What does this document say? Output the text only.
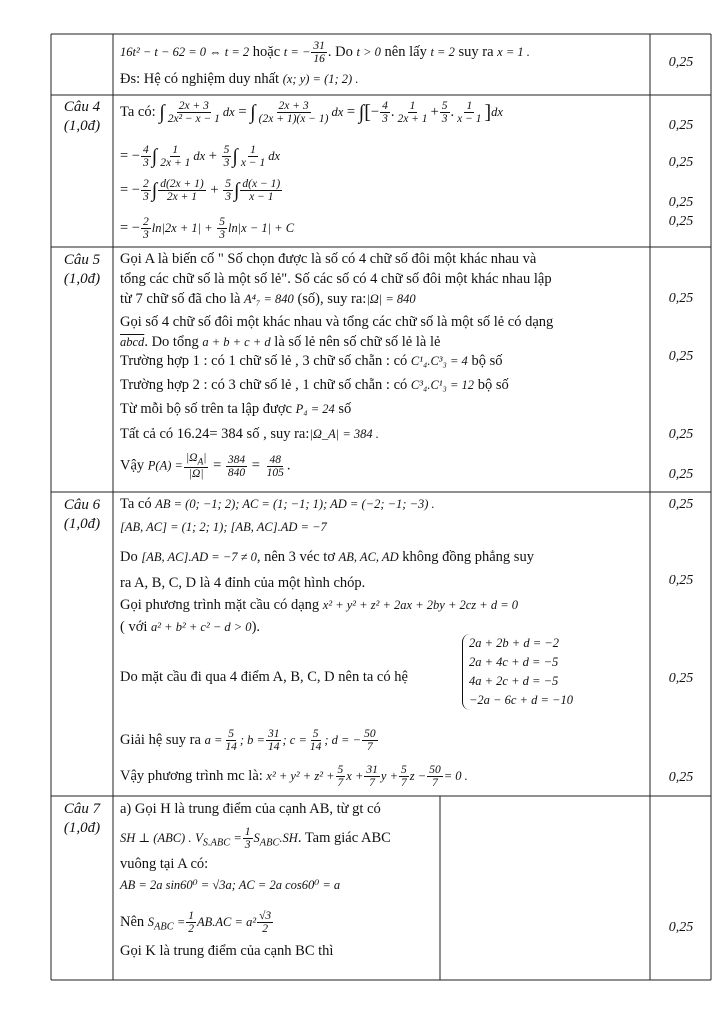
16t² − t − 62 = 0 ⇔ t = 2 hoặc t = − $\frac{31}{16}$ . Do t > 0 nên lấy t = 2 suy ra x = 1 .
Đs: Hệ có nghiệm duy nhất (x; y) = (1; 2) .
0,25
Câu 4
(1,0đ)
Ta có: ∫ $\frac{2x + 3}{\text{2x² − x − 1}}$ dx = ∫ $\frac{2x + 3}{(2x + 1)(x - 1)}$ dx = ∫[− $\frac{4}{3}$ . $\frac{1}{2x + 1} + \frac{5}{3}$ . $\frac{1}{x - 1} ]dx$
= − $\frac{4}{3}$ ∫ $\frac{1}{2x + 1}$ dx + $\frac{5}{3}$ ∫ $\frac{1}{x - 1}$ dx
= − $\frac{2}{3}$ ∫ $\frac{d(2x + 1)}{2x + 1} + \frac{5}{3}$ ∫ $\frac{d(x - 1)}{x - 1}$
= − $\frac{2}{3} \ln|2x + 1| + \frac{5}{3} \ln|x - 1| + C$
0,25
0,25
0,25
0,25
Câu 5
(1,0đ)
Gọi A là biến cố " Số chọn được là số có 4 chữ số đôi một khác nhau và
tổng các chữ số là một số lẻ". Số các số có 4 chữ số đôi một khác nhau lập
từ 7 chữ số đã cho là A⁴₇ = 840 (số), suy ra:|Ω| = 840
Gọi số 4 chữ số đôi một khác nhau và tổng các chữ số là một số lẻ có dạng
abcd. Do tổng a + b + c + d là số lẻ nên số chữ số lẻ là lẻ
Trường hợp 1 : có 1 chữ số lẻ , 3 chữ số chẵn : có C¹₄.C³₃ = 4 bộ số
Trường hợp 2 : có 3 chữ số lẻ , 1 chữ số chẵn : có C³₄.C¹₃ = 12 bộ số
Từ mỗi bộ số trên ta lập được P₄ = 24 số
Tất cả có 16.24= 384 số , suy ra:|Ω_A| = 384 .
Vậy $P(A) = \frac{|\Omega_A|}{|\Omega|} = \frac{384}{840} = \frac{48}{105}$ .
0,25
0,25
0,25
0,25
Câu 6
(1,0đ)
Ta có AB = (0; −1; 2); AC = (1; −1; 1); AD = (−2; −1; −3) .
[AB, AC] = (1; 2; 1); [AB, AC].AD = −7
Do [AB, AC].AD = −7 ≠ 0, nên 3 véc tơ AB, AC, AD không đồng phẳng suy
ra A, B, C, D là 4 đỉnh của một hình chóp.
Gọi phương trình mặt cầu có dạng x² + y² + z² + 2ax + 2by + 2cz + d = 0
( với a² + b² + c² − d > 0).
Do mặt cầu đi qua 4 điểm A, B, C, D nên ta có hệ
2a + 2b + d = −2
2a + 4c + d = −5
4a + 2c + d = −5
−2a − 6c + d = −10
Giải hệ suy ra $a = \frac{5}{14}$ ; $b = \frac{31}{14}$ ; $c = \frac{5}{14}$ ; d = − $\frac{50}{7}$
Vậy phương trình mc là: $x^2 + y^2 + z^2 + \frac{5}{7}$ $x + \frac{31}{7}$ $y + \frac{5}{7}$ $z - \frac{50}{7} = 0$ .
0,25
0,25
0,25
0,25
Câu 7
(1,0đ)
a) Gọi H là trung điểm của cạnh AB, từ gt có
SH ⊥ (ABC) . $V_{S.ABC} = \frac{1}{3} S_{ABC}.SH$. Tam giác ABC
vuông tại A có:
AB = 2a sin60⁰ = √3a; AC = 2a cos60⁰ = a
Nên $S_{ABC} = \frac{1}{2} AB.AC = a^2 \frac{√3}{2}$
Gọi K là trung điểm của cạnh BC thì
0,25
